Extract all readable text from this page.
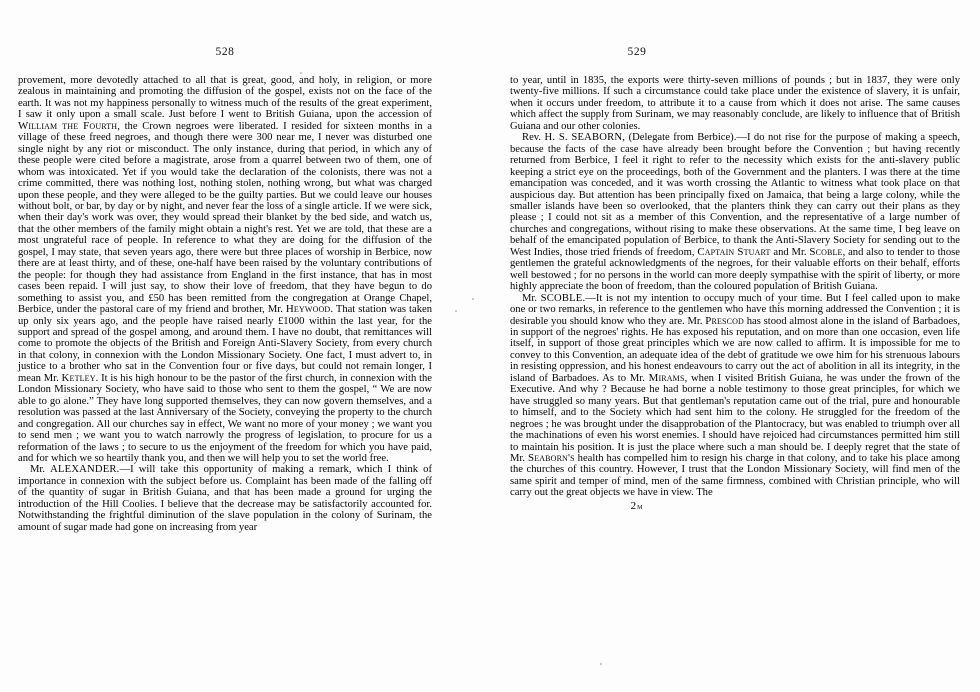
528

provement, more devotedly attached to all that is great, good, and holy, in religion, or more zealous in maintaining and promoting the diffusion of the gospel, exists not on the face of the earth. It was not my happiness personally to witness much of the results of the great experiment, I saw it only upon a small scale. Just before I went to British Guiana, upon the accession of William the Fourth, the Crown negroes were liberated. I resided for sixteen months in a village of these freed negroes, and though there were 300 near me, I never was disturbed one single night by any riot or misconduct. The only instance, during that period, in which any of these people were cited before a magistrate, arose from a quarrel between two of them, one of whom was intoxicated. Yet if you would take the declaration of the colonists, there was not a crime committed, there was nothing lost, nothing stolen, nothing wrong, but what was charged upon these people, and they were alleged to be the guilty parties. But we could leave our houses without bolt, or bar, by day or by night, and never fear the loss of a single article. If we were sick, when their day's work was over, they would spread their blanket by the bed side, and watch us, that the other members of the family might obtain a night's rest. Yet we are told, that these are a most ungrateful race of people. In reference to what they are doing for the diffusion of the gospel, I may state, that seven years ago, there were but three places of worship in Berbice, now there are at least thirty, and of these, one-half have been raised by the voluntary contributions of the people: for though they had assistance from England in the first instance, that has in most cases been repaid. I will just say, to show their love of freedom, that they have begun to do something to assist you, and £50 has been remitted from the congregation at Orange Chapel, Berbice, under the pastoral care of my friend and brother, Mr. Heywood. That station was taken up only six years ago, and the people have raised nearly £1000 within the last year, for the support and spread of the gospel among, and around them. I have no doubt, that remittances will come to promote the objects of the British and Foreign Anti-Slavery Society, from every church in that colony, in connexion with the London Missionary Society. One fact, I must advert to, in justice to a brother who sat in the Convention four or five days, but could not remain longer, I mean Mr. Ketley. It is his high honour to be the pastor of the first church, in connexion with the London Missionary Society, who have said to those who sent to them the gospel, “ We are now able to go alone.” They have long supported themselves, they can now govern themselves, and a resolution was passed at the last Anniversary of the Society, conveying the property to the church and congregation. All our churches say in effect, We want no more of your money ; we want you to send men ; we want you to watch narrowly the progress of legislation, to procure for us a reformation of the laws ; to secure to us the enjoyment of the freedom for which you have paid, and for which we so heartily thank you, and then we will help you to set the world free.

Mr. ALEXANDER.—I will take this opportunity of making a remark, which I think of importance in connexion with the subject before us. Complaint has been made of the falling off of the quantity of sugar in British Guiana, and that has been made a ground for urging the introduction of the Hill Coolies. I believe that the decrease may be satisfactorily accounted for. Notwithstanding the frightful diminution of the slave population in the colony of Surinam, the amount of sugar made had gone on increasing from year

529

to year, until in 1835, the exports were thirty-seven millions of pounds ; but in 1837, they were only twenty-five millions. If such a circumstance could take place under the existence of slavery, it is unfair, when it occurs under freedom, to attribute it to a cause from which it does not arise. The same causes which affect the supply from Surinam, we may reasonably conclude, are likely to influence that of British Guiana and our other colonies.

Rev. H. S. SEABORN, (Delegate from Berbice).—I do not rise for the purpose of making a speech, because the facts of the case have already been brought before the Convention ; but having recently returned from Berbice, I feel it right to refer to the necessity which exists for the anti-slavery public keeping a strict eye on the proceedings, both of the Government and the planters. I was there at the time emancipation was conceded, and it was worth crossing the Atlantic to witness what took place on that auspicious day. But attention has been principally fixed on Jamaica, that being a large colony, while the smaller islands have been so overlooked, that the planters think they can carry out their plans as they please ; I could not sit as a member of this Convention, and the representative of a large number of churches and congregations, without rising to make these observations. At the same time, I beg leave on behalf of the emancipated population of Berbice, to thank the Anti-Slavery Society for sending out to the West Indies, those tried friends of freedom, Captain Stuart and Mr. Scoble, and also to tender to those gentlemen the grateful acknowledgments of the negroes, for their valuable efforts on their behalf, efforts well bestowed ; for no persons in the world can more deeply sympathise with the spirit of liberty, or more highly appreciate the boon of freedom, than the coloured population of British Guiana.

Mr. SCOBLE.—It is not my intention to occupy much of your time. But I feel called upon to make one or two remarks, in reference to the gentlemen who have this morning addressed the Convention ; it is desirable you should know who they are. Mr. Prescod has stood almost alone in the island of Barbadoes, in support of the negroes' rights. He has exposed his reputation, and on more than one occasion, even life itself, in support of those great principles which we are now called to affirm. It is impossible for me to convey to this Convention, an adequate idea of the debt of gratitude we owe him for his strenuous labours in resisting oppression, and his honest endeavours to carry out the act of abolition in all its integrity, in the island of Barbadoes. As to Mr. Mirams, when I visited British Guiana, he was under the frown of the Executive. And why ? Because he had borne a noble testimony to those great principles, for which we have struggled so many years. But that gentleman's reputation came out of the trial, pure and honourable to himself, and to the Society which had sent him to the colony. He struggled for the freedom of the negroes ; he was brought under the disapprobation of the Plantocracy, but was enabled to triumph over all the machinations of even his worst enemies. I should have rejoiced had circumstances permitted him still to maintain his position. It is just the place where such a man should be. I deeply regret that the state of Mr. Seaborn's health has compelled him to resign his charge in that colony, and to take his place among the churches of this country. However, I trust that the London Missionary Society, will find men of the same spirit and temper of mind, men of the same firmness, combined with Christian principle, who will carry out the great objects we have in view. The

2m
